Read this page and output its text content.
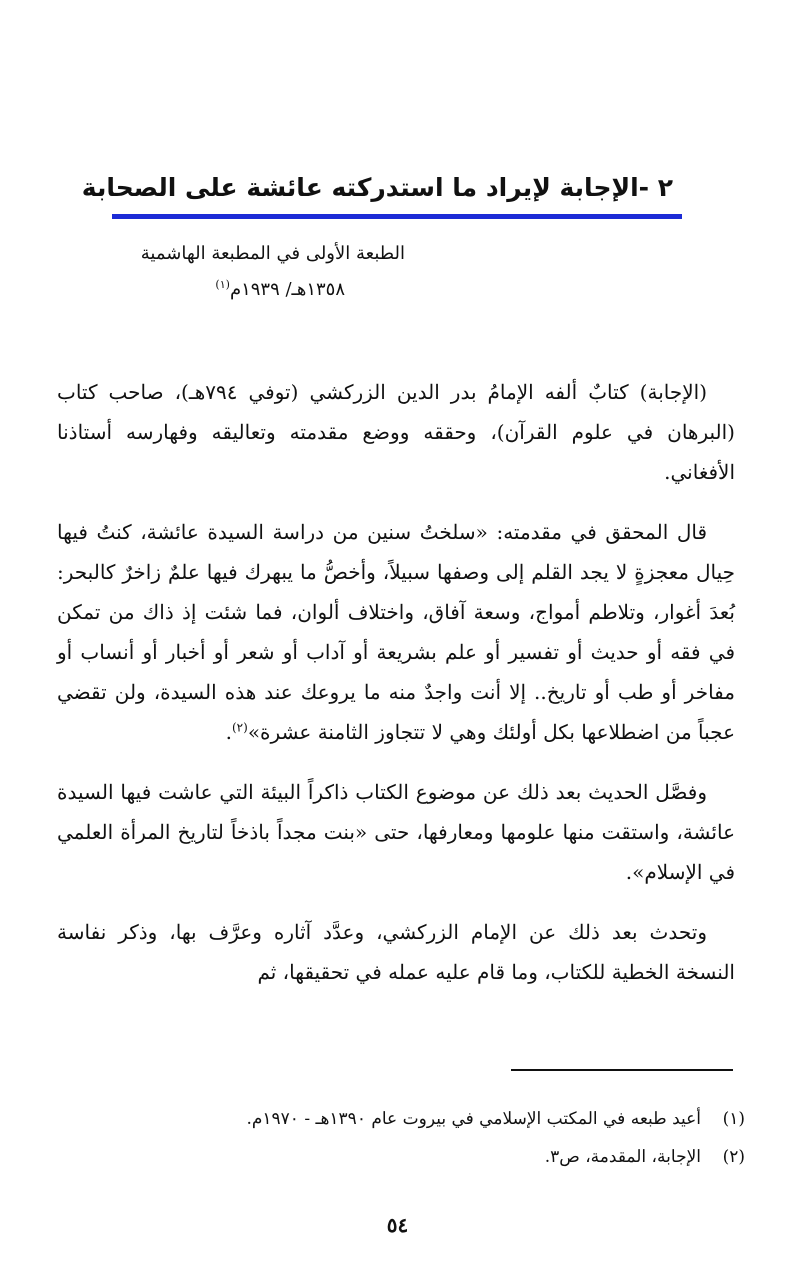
٢ -الإجابة لإيراد ما استدركته عائشة على الصحابة
الطبعة الأولى في المطبعة الهاشمية
١٣٥٨هـ/ ١٩٣٩م$^{(١)}$

(الإجابة) كتابٌ ألفه الإمامُ بدر الدين الزركشي (توفي ٧٩٤هـ)، صاحب كتاب (البرهان في علوم القرآن)، وحققه ووضع مقدمته وتعاليقه وفهارسه أستاذنا الأفغاني.

قال المحقق في مقدمته: «سلختُ سنين من دراسة السيدة عائشة، كنتُ فيها حِيال معجزةٍ لا يجد القلم إلى وصفها سبيلاً، وأخصُّ ما يبهرك فيها علمٌ زاخرٌ كالبحر: بُعدَ أغوار، وتلاطم أمواج، وسعة آفاق، واختلاف ألوان، فما شئت إذ ذاك من تمكن في فقه أو حديث أو تفسير أو علم بشريعة أو آداب أو شعر أو أخبار أو أنساب أو مفاخر أو طب أو تاريخ.. إلا أنت واجدٌ منه ما يروعك عند هذه السيدة، ولن تقضي عجباً من اضطلاعها بكل أولئك وهي لا تتجاوز الثامنة عشرة»$^{(٢)}$.

وفصَّل الحديث بعد ذلك عن موضوع الكتاب ذاكراً البيئة التي عاشت فيها السيدة عائشة، واستقت منها علومها ومعارفها، حتى «بنت مجداً باذخاً لتاريخ المرأة العلمي في الإسلام».

وتحدث بعد ذلك عن الإمام الزركشي، وعدَّد آثاره وعرَّف بها، وذكر نفاسة النسخة الخطية للكتاب، وما قام عليه عمله في تحقيقها، ثم

(١)أعيد طبعه في المكتب الإسلامي في بيروت عام ١٣٩٠هـ - ١٩٧٠م.
(٢)الإجابة، المقدمة، ص٣.
٥٤
